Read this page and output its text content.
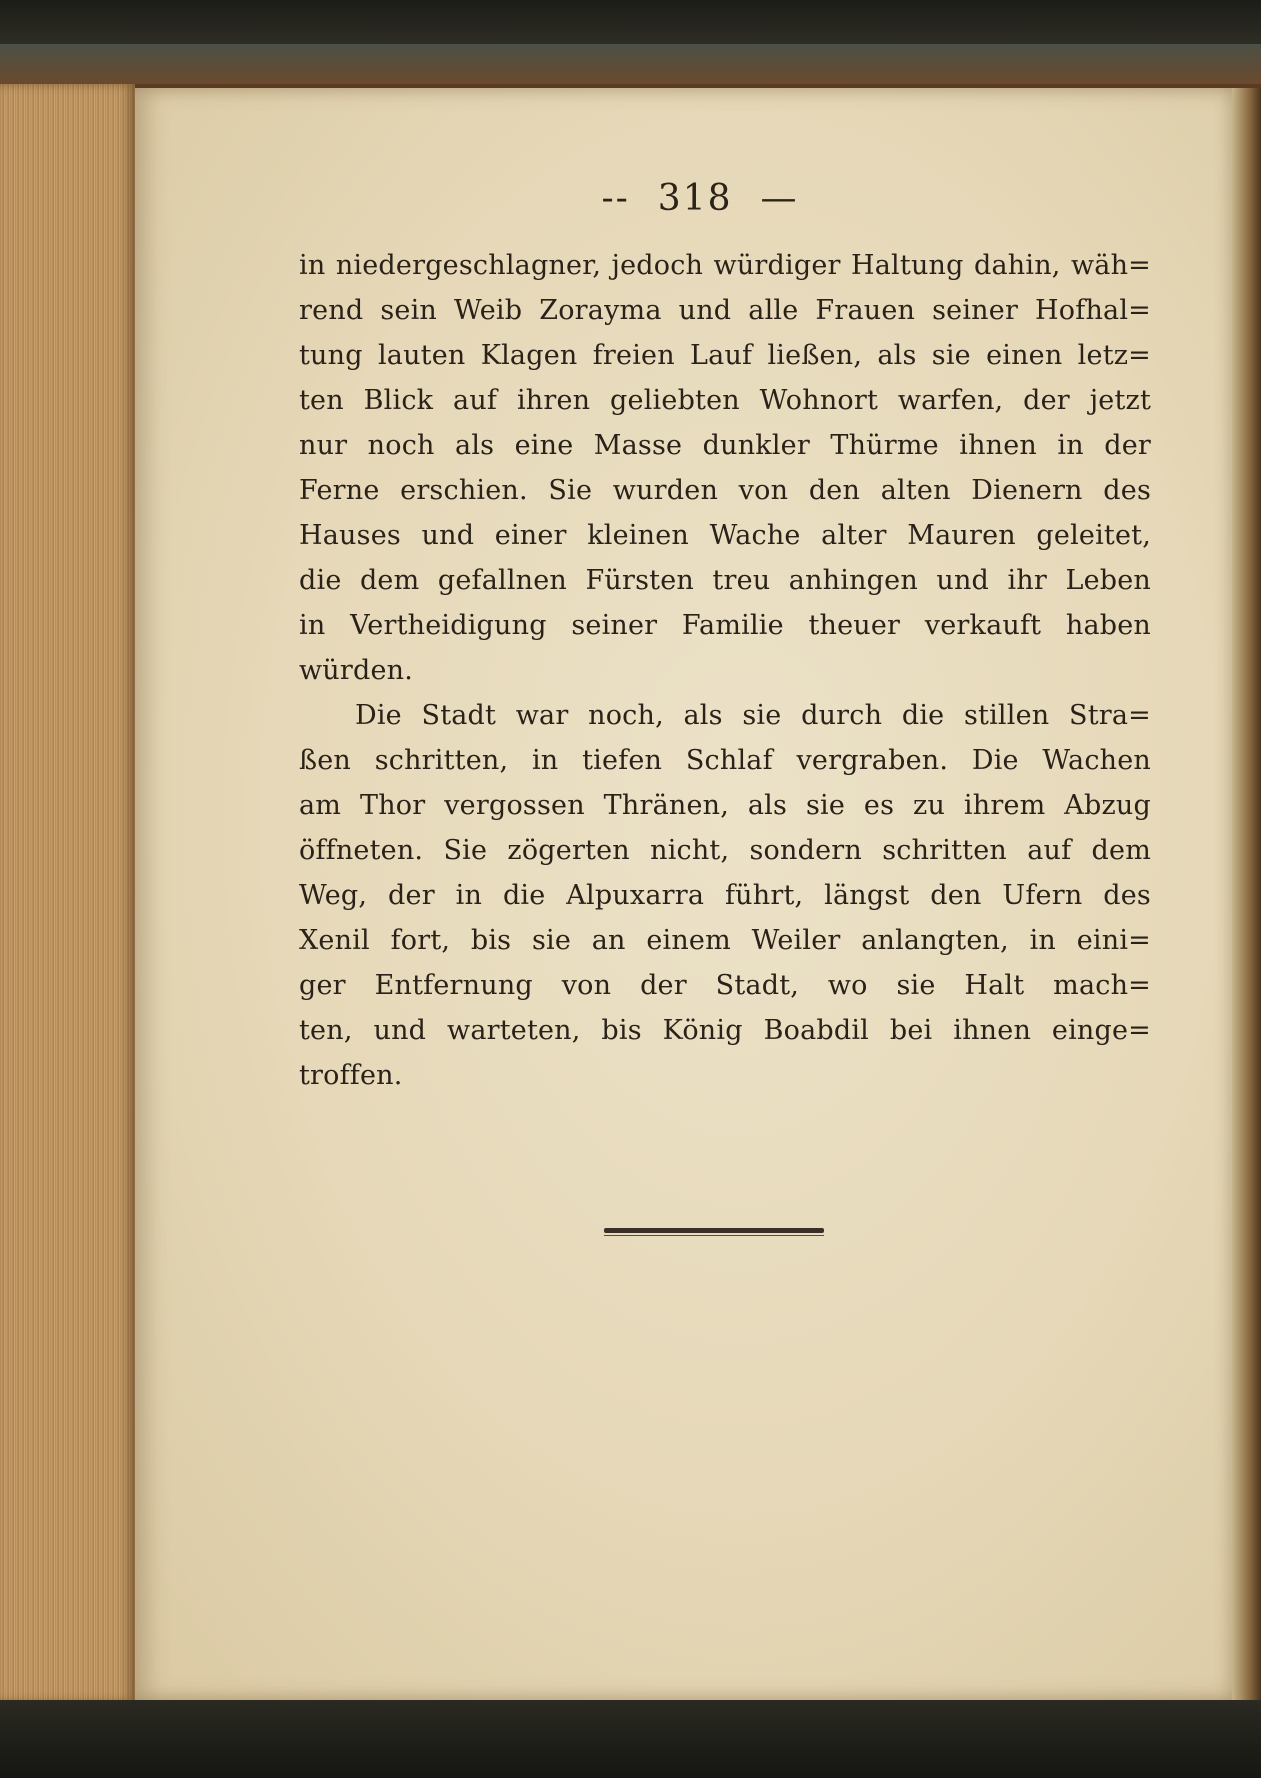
-- 318 —
in niedergeschlagner, jedoch würdiger Haltung dahin, wäh=
rend sein Weib Zorayma und alle Frauen seiner Hofhal=
tung lauten Klagen freien Lauf ließen, als sie einen letz=
ten Blick auf ihren geliebten Wohnort warfen, der jetzt
nur noch als eine Masse dunkler Thürme ihnen in der
Ferne erschien. Sie wurden von den alten Dienern des
Hauses und einer kleinen Wache alter Mauren geleitet,
die dem gefallnen Fürsten treu anhingen und ihr Leben
in Vertheidigung seiner Familie theuer verkauft haben
würden.
Die Stadt war noch, als sie durch die stillen Stra=
ßen schritten, in tiefen Schlaf vergraben. Die Wachen
am Thor vergossen Thränen, als sie es zu ihrem Abzug
öffneten. Sie zögerten nicht, sondern schritten auf dem
Weg, der in die Alpuxarra führt, längst den Ufern des
Xenil fort, bis sie an einem Weiler anlangten, in eini=
ger Entfernung von der Stadt, wo sie Halt mach=
ten, und warteten, bis König Boabdil bei ihnen einge=
troffen.
